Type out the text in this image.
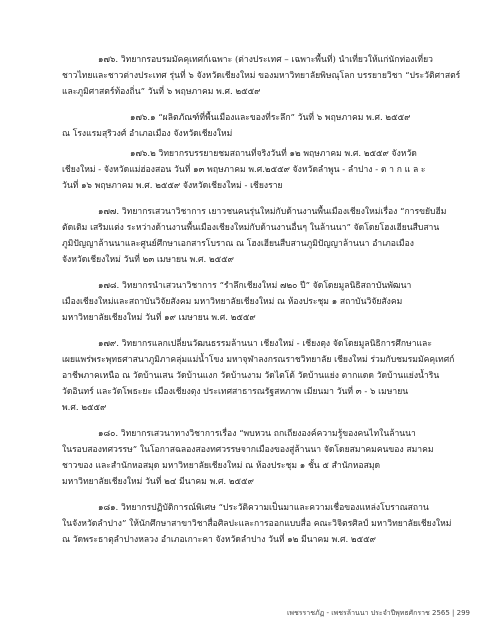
๑๗๖. วิทยากรอบรมมัคคุเทศก์เฉพาะ (ต่างประเทศ – เฉพาะพื้นที่) นำเที่ยวให้แก่นักท่องเที่ยว
ชาวไทยและชาวต่างประเทศ รุ่นที่ ๖ จังหวัดเชียงใหม่ ของมหาวิทยาลัยพิษณุโลก บรรยายวิชา “ประวัติศาสตร์
และภูมิศาสตร์ท้องถิ่น” วันที่ ๖ พฤษภาคม พ.ศ. ๒๕๕๙
๑๗๖.๑ “ผลิตภัณฑ์ที่พื้นเมืองและของที่ระลึก” วันที่ ๖ พฤษภาคม พ.ศ. ๒๕๕๙
ณ โรงแรมสุริวงศ์ อำเภอเมือง จังหวัดเชียงใหม่
๑๗๖.๒ วิทยากรบรรยายชมสถานที่จริงวันที่ ๑๒ พฤษภาคม พ.ศ. ๒๕๕๙ จังหวัด
เชียงใหม่ - จังหวัดแม่ฮ่องสอน วันที่ ๑๓ พฤษภาคม พ.ศ.๒๕๕๙ จังหวัดลำพูน - ลำปาง - ต า ก แ ล ะ
วันที่ ๑๖ พฤษภาคม พ.ศ. ๒๕๕๙ จังหวัดเชียงใหม่ - เชียงราย
๑๗๗. วิทยากรเสวนาวิชาการ เยาวชนคนรุ่นใหม่กับด้านงานพื้นเมืองเชียงใหม่เรื่อง “การขยับฮีม
ตัดเติม เสริมแต่ง ระหว่างด้านงานพื้นเมืองเชียงใหม่กับด้านงานอื่นๆ ในล้านนา” จัดโดยโฮงเฮียนสืบสาน
ภูมิปัญญาล้านนาและศูนย์ศึกษาเอกสารโบราณ ณ โฮงเฮียนสืบสานภูมิปัญญาล้านนา อำเภอเมือง
จังหวัดเชียงใหม่ วันที่ ๒๓ เมษายน พ.ศ. ๒๕๕๙
๑๗๘. วิทยากรนำเสวนาวิชาการ “รำลึกเชียงใหม่ ๗๒๐ ปี” จัดโดยมูลนิธิสถาบันพัฒนา
เมืองเชียงใหม่และสถาบันวิจัยสังคม มหาวิทยาลัยเชียงใหม่ ณ ห้องประชุม ๑ สถาบันวิจัยสังคม
มหาวิทยาลัยเชียงใหม่ วันที่ ๑๙ เมษายน พ.ศ. ๒๕๕๙
๑๗๙. วิทยากรแลกเปลี่ยนวัฒนธรรมล้านนา เชียงใหม่ - เชียงตุง จัดโดยมูลนิธิการศึกษาและ
เผยแพร่พระพุทธศาสนาภูมิภาคลุ่มแม่น้ำโขง มหาจุฬาลงกรณราชวิทยาลัย เชียงใหม่ ร่วมกับชมรมมัคคุเทศก์
อาชีพภาคเหนือ ณ วัดบ้านเสน วัดบ้านแงก วัดบ้านงาม วัดไตโต้ วัดบ้านแย่ง ตากแดด วัดบ้านแย่งน้ำริน
วัดอินทร์ และวัดโพธะยะ เมืองเชียงตุง ประเทศสาธารณรัฐสหภาพ เมียนมา วันที่ ๓ - ๖ เมษายน
พ.ศ. ๒๕๕๙
๑๘๐. วิทยากรเสวนาทางวิชาการเรื่อง “พบหวน ถกเถียงองค์ความรู้ของคนไทในล้านนา
ในรอบสองทศวรรษ” ในโอกาสฉลองสองทศวรรษจากเมืองของสู่ล้านนา จัดโดยสมาคมคนของ สมาคม
ชาวของ และสำนักหอสมุด มหาวิทยาลัยเชียงใหม่ ณ ห้องประชุม ๑ ชั้น ๕ สำนักหอสมุด
มหาวิทยาลัยเชียงใหม่ วันที่ ๒๔ มีนาคม พ.ศ. ๒๕๕๙
๑๘๑. วิทยากรปฏิบัติการณ์พิเศษ “ประวัติความเป็นมาและความเชื่อของแหล่งโบราณสถาน
ในจังหวัดลำปาง” ให้นักศึกษาสาขาวิชาสื่อศิลปะและการออกแบบสื่อ คณะวิจิตรศิลป์ มหาวิทยาลัยเชียงใหม่
ณ วัดพระธาตุลำปางหลวง อำเภอเกาะคา จังหวัดลำปาง วันที่ ๑๒ มีนาคม พ.ศ. ๒๕๕๙
เพชรราชภัฏ - เพชรล้านนา ประจำปีพุทธศักราช 2565 | 299
